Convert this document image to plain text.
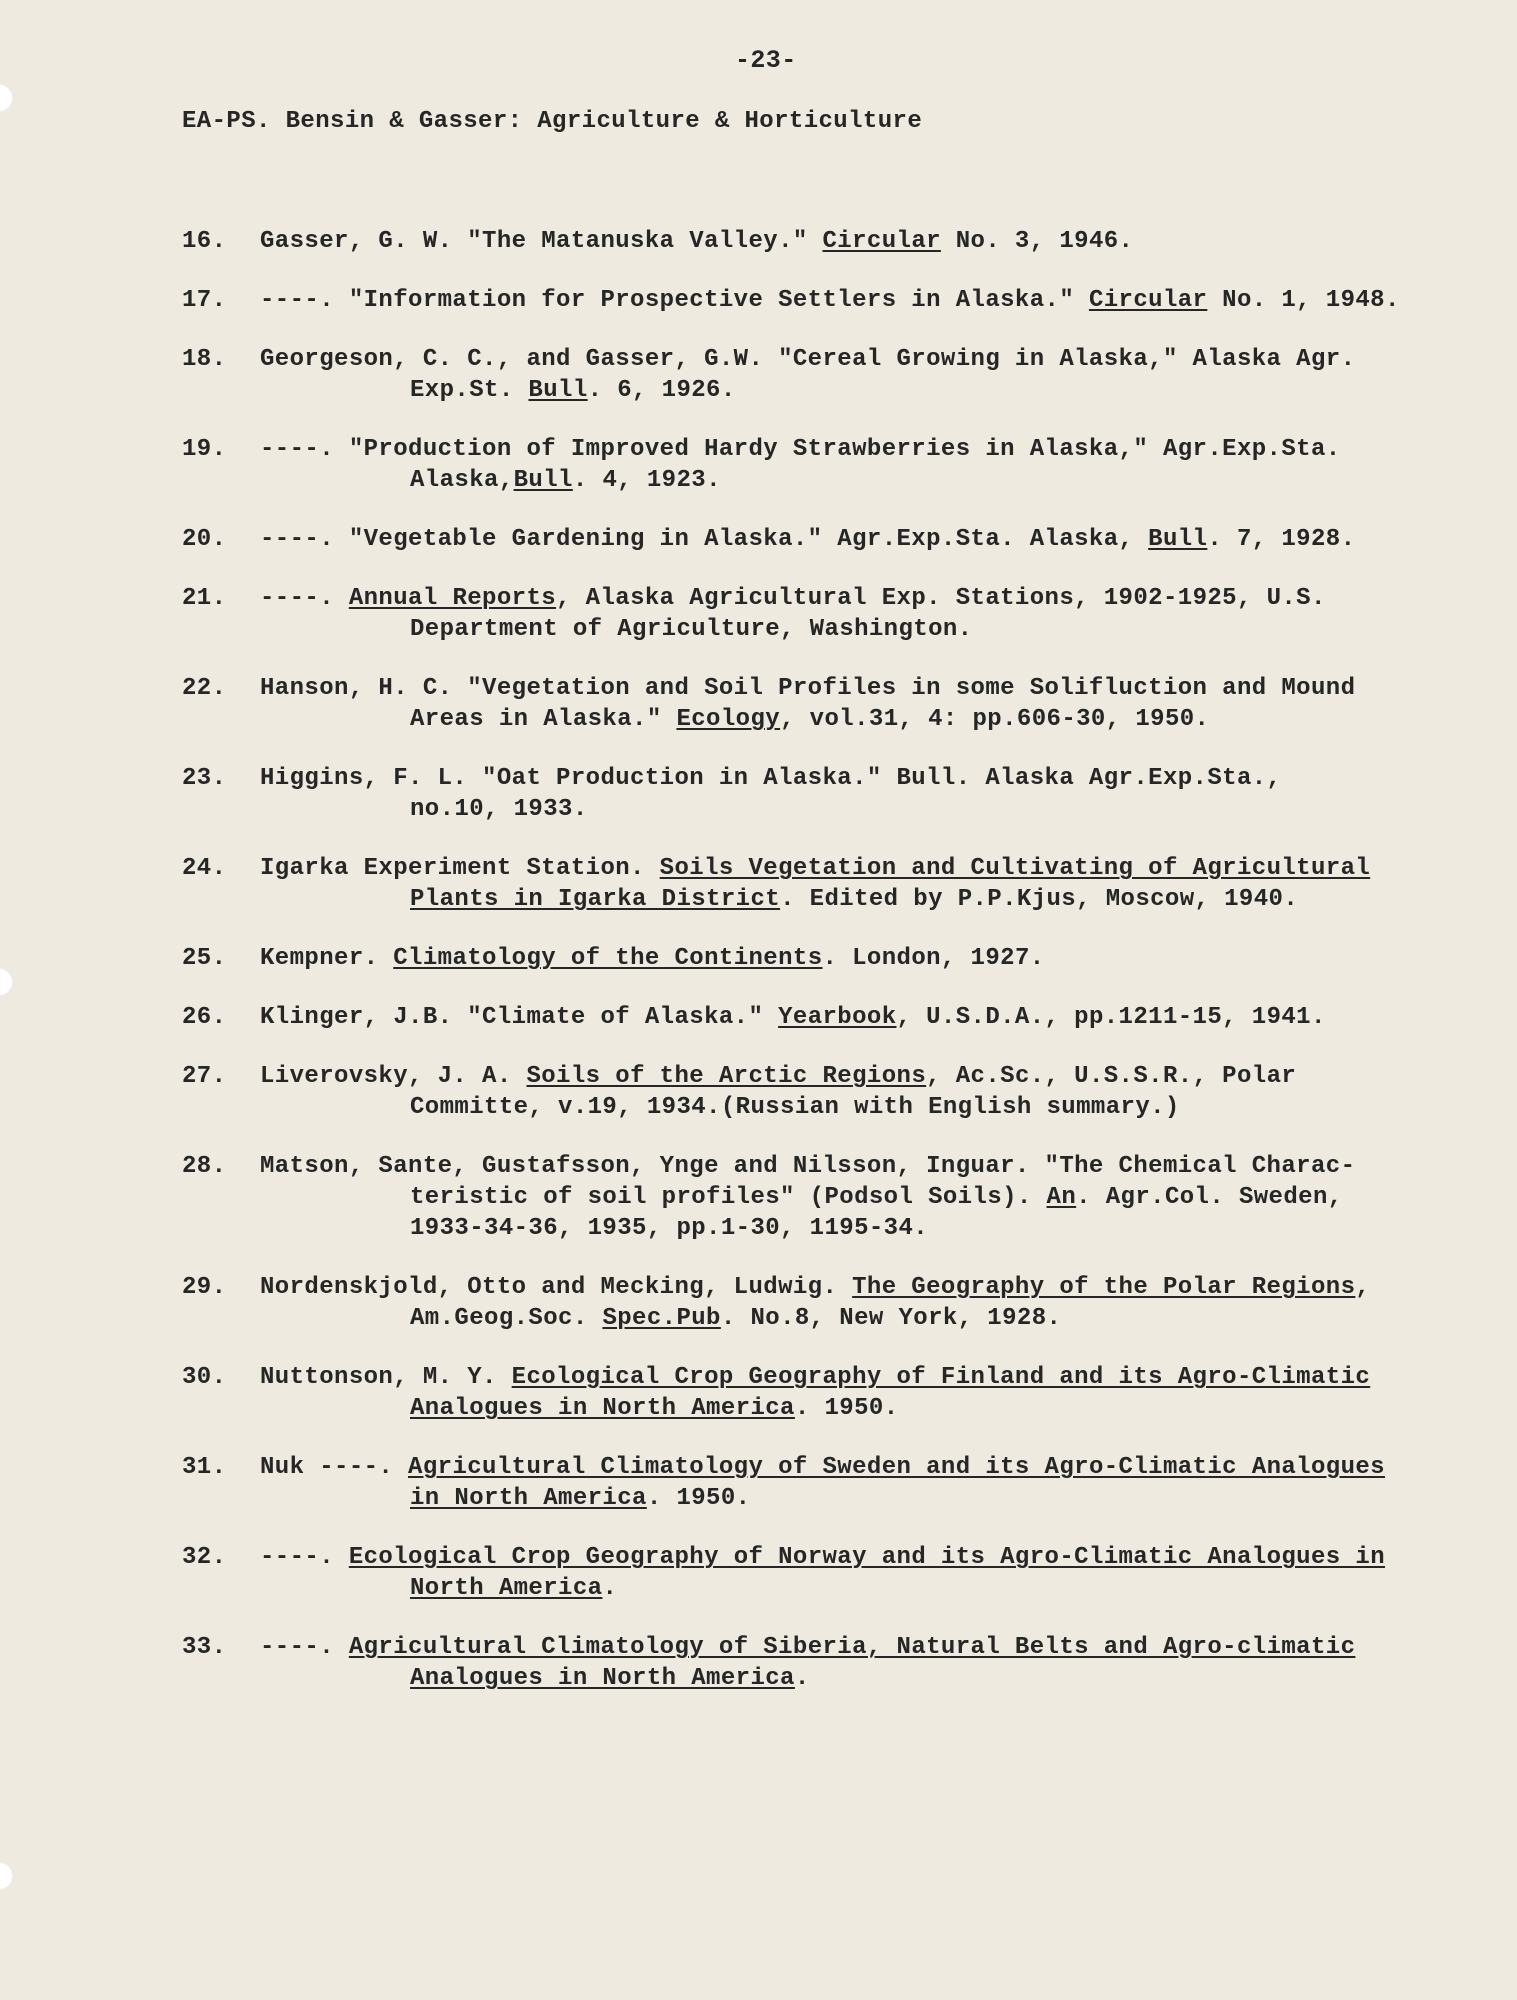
-23-
EA-PS. Bensin & Gasser: Agriculture & Horticulture
16.	Gasser, G. W. "The Matanuska Valley." Circular No. 3, 1946.
17.	----. "Information for Prospective Settlers in Alaska." Circular No. 1, 1948.
18.	Georgeson, C. C., and Gasser, G.W. "Cereal Growing in Alaska," Alaska Agr.
Exp.St. Bull. 6, 1926.
19.	----. "Production of Improved Hardy Strawberries in Alaska," Agr.Exp.Sta.
Alaska,Bull. 4, 1923.
20.	----. "Vegetable Gardening in Alaska." Agr.Exp.Sta. Alaska, Bull. 7, 1928.
21.	----. Annual Reports, Alaska Agricultural Exp. Stations, 1902-1925, U.S.
Department of Agriculture, Washington.
22.	Hanson, H. C. "Vegetation and Soil Profiles in some Solifluction and Mound
Areas in Alaska." Ecology, vol.31, 4: pp.606-30, 1950.
23.	Higgins, F. L. "Oat Production in Alaska." Bull. Alaska Agr.Exp.Sta.,
no.10, 1933.
24.	Igarka Experiment Station. Soils Vegetation and Cultivating of Agricultural
Plants in Igarka District. Edited by P.P.Kjus, Moscow, 1940.
25.	Kempner. Climatology of the Continents. London, 1927.
26.	Klinger, J.B. "Climate of Alaska." Yearbook, U.S.D.A., pp.1211-15, 1941.
27.	Liverovsky, J. A. Soils of the Arctic Regions, Ac.Sc., U.S.S.R., Polar
Committe, v.19, 1934.(Russian with English summary.)
28.	Matson, Sante, Gustafsson, Ynge and Nilsson, Inguar. "The Chemical Charac-
teristic of soil profiles" (Podsol Soils). An. Agr.Col. Sweden,
1933-34-36, 1935, pp.1-30, 1195-34.
29.	Nordenskjold, Otto and Mecking, Ludwig. The Geography of the Polar Regions,
Am.Geog.Soc. Spec.Pub. No.8, New York, 1928.
30.	Nuttonson, M. Y. Ecological Crop Geography of Finland and its Agro-Climatic
Analogues in North America. 1950.
31.	Nuk ----. Agricultural Climatology of Sweden and its Agro-Climatic Analogues
in North America. 1950.
32.	----. Ecological Crop Geography of Norway and its Agro-Climatic Analogues in
North America.
33.	----. Agricultural Climatology of Siberia, Natural Belts and Agro-climatic
Analogues in North America.
